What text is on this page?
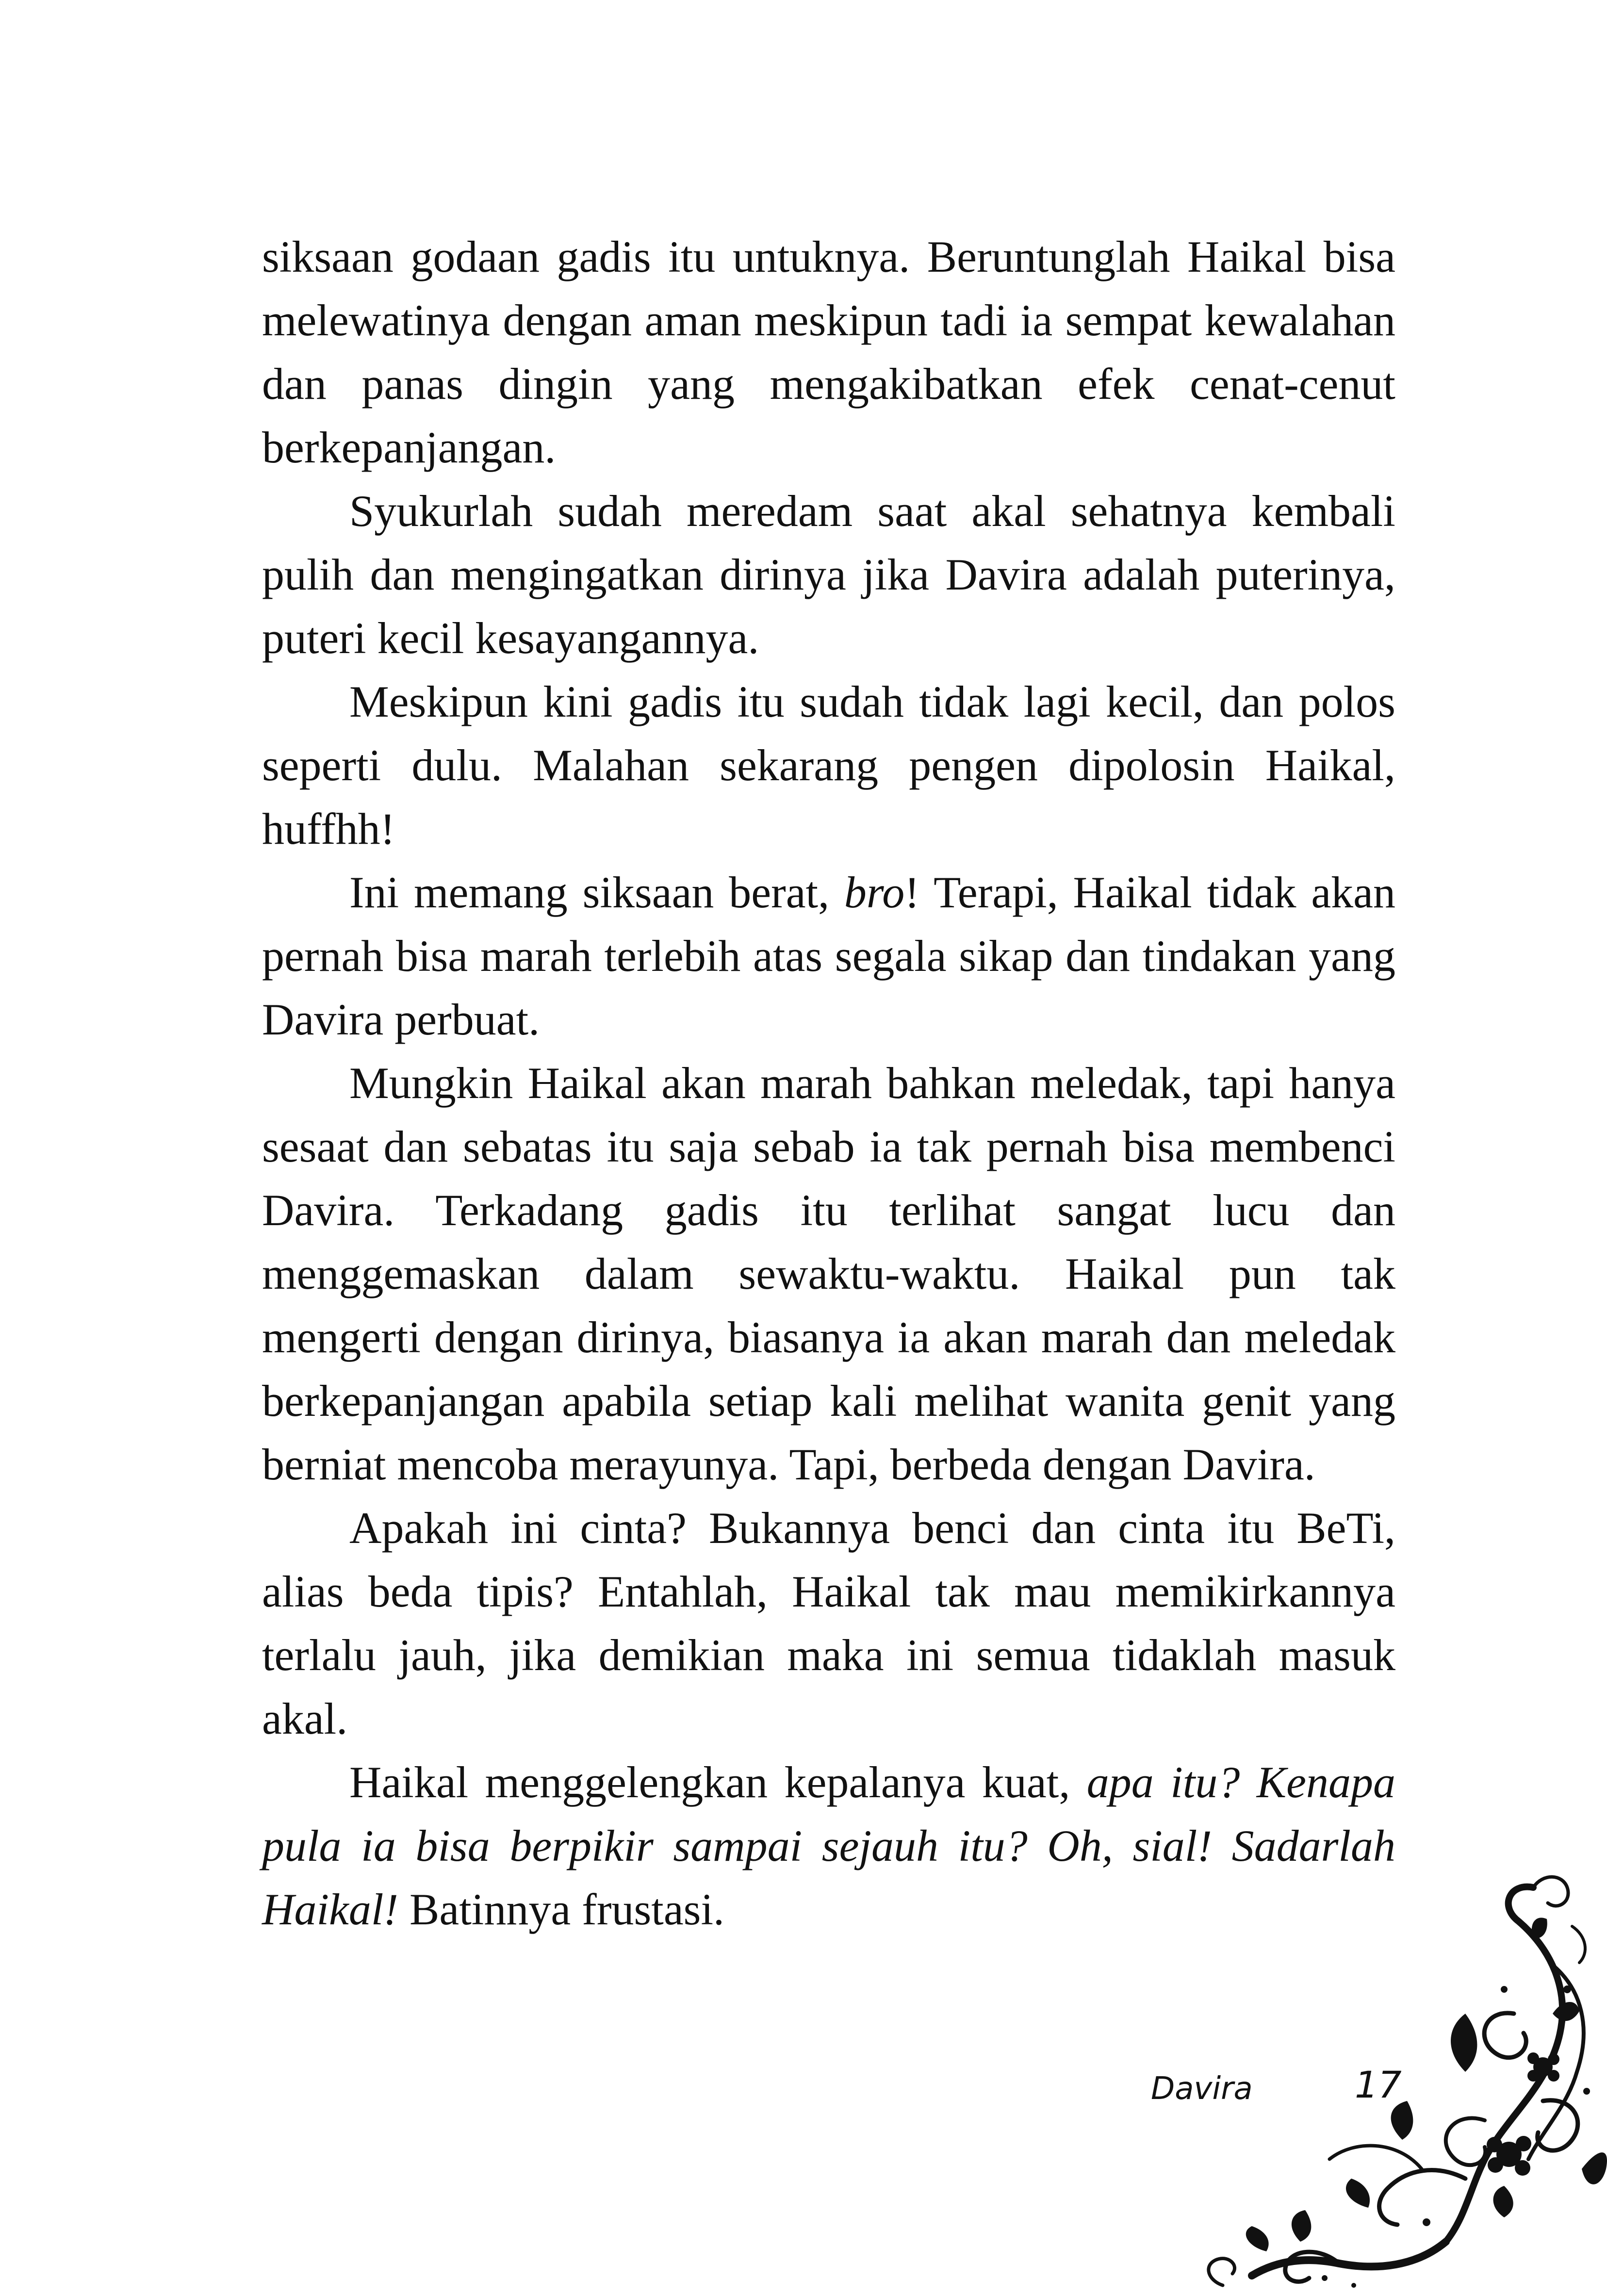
siksaan godaan gadis itu untuknya. Beruntunglah Haikal bisa melewatinya dengan aman meskipun tadi ia sempat kewalahan dan panas dingin yang mengakibatkan efek cenat-cenut berkepanjangan.

Syukurlah sudah meredam saat akal sehatnya kembali pulih dan mengingatkan dirinya jika Davira adalah puterinya, puteri kecil kesayangannya.

Meskipun kini gadis itu sudah tidak lagi kecil, dan polos seperti dulu. Malahan sekarang pengen dipolosin Haikal, huffhh!

Ini memang siksaan berat, bro! Terapi, Haikal tidak akan pernah bisa marah terlebih atas segala sikap dan tindakan yang Davira perbuat.

Mungkin Haikal akan marah bahkan meledak, tapi hanya sesaat dan sebatas itu saja sebab ia tak pernah bisa membenci Davira. Terkadang gadis itu terlihat sangat lucu dan menggemaskan dalam sewaktu-waktu. Haikal pun tak mengerti dengan dirinya, biasanya ia akan marah dan meledak berkepanjangan apabila setiap kali melihat wanita genit yang berniat mencoba merayunya. Tapi, berbeda dengan Davira.

Apakah ini cinta? Bukannya benci dan cinta itu BeTi, alias beda tipis? Entahlah, Haikal tak mau memikirkannya terlalu jauh, jika demikian maka ini semua tidaklah masuk akal.

Haikal menggelengkan kepalanya kuat, apa itu? Kenapa pula ia bisa berpikir sampai sejauh itu? Oh, sial! Sadarlah Haikal! Batinnya frustasi.

Davira	17
